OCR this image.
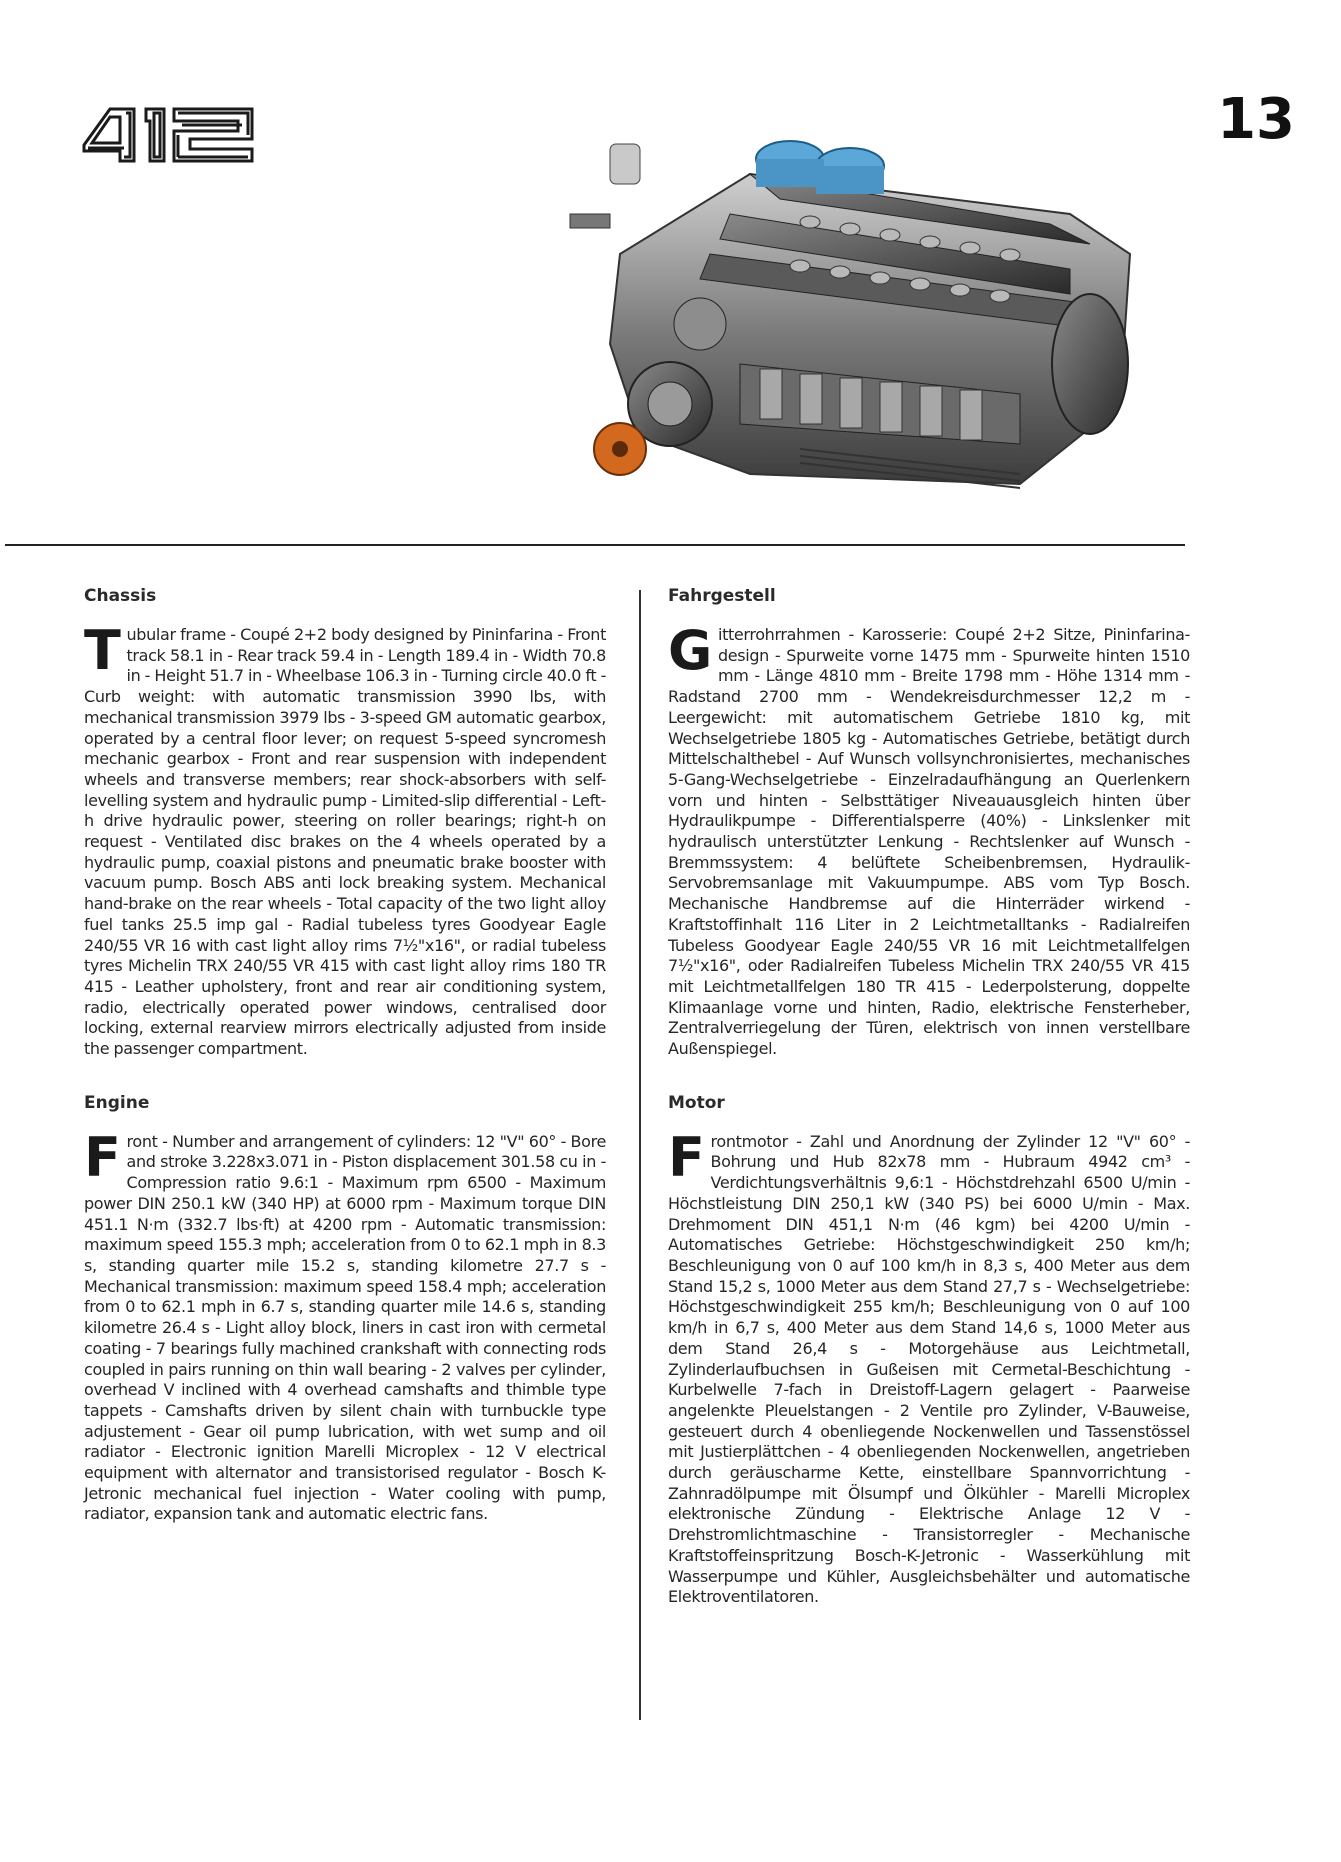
13
Chassis

Tubular frame - Coupé 2+2 body designed by Pininfarina - Front track 58.1 in - Rear track 59.4 in - Length 189.4 in - Width 70.8 in - Height 51.7 in - Wheelbase 106.3 in - Turning circle 40.0 ft - Curb weight: with automatic transmission 3990 lbs, with mechanical transmission 3979 lbs - 3-speed GM automatic gearbox, operated by a central floor lever; on request 5-speed syncromesh mechanic gearbox - Front and rear suspension with independent wheels and transverse members; rear shock-absorbers with self-levelling system and hydraulic pump - Limited-slip differential - Left-h drive hydraulic power, steering on roller bearings; right-h on request - Ventilated disc brakes on the 4 wheels operated by a hydraulic pump, coaxial pistons and pneumatic brake booster with vacuum pump. Bosch ABS anti lock breaking system. Mechanical hand-brake on the rear wheels - Total capacity of the two light alloy fuel tanks 25.5 imp gal - Radial tubeless tyres Goodyear Eagle 240/55 VR 16 with cast light alloy rims 7½"x16", or radial tubeless tyres Michelin TRX 240/55 VR 415 with cast light alloy rims 180 TR 415 - Leather upholstery, front and rear air conditioning system, radio, electrically operated power windows, centralised door locking, external rearview mirrors electrically adjusted from inside the passenger compartment.

Engine

Front - Number and arrangement of cylinders: 12 "V" 60° - Bore and stroke 3.228x3.071 in - Piston displacement 301.58 cu in - Compression ratio 9.6:1 - Maximum rpm 6500 - Maximum power DIN 250.1 kW (340 HP) at 6000 rpm - Maximum torque DIN 451.1 N·m (332.7 lbs·ft) at 4200 rpm - Automatic transmission: maximum speed 155.3 mph; acceleration from 0 to 62.1 mph in 8.3 s, standing quarter mile 15.2 s, standing kilometre 27.7 s - Mechanical transmission: maximum speed 158.4 mph; acceleration from 0 to 62.1 mph in 6.7 s, standing quarter mile 14.6 s, standing kilometre 26.4 s - Light alloy block, liners in cast iron with cermetal coating - 7 bearings fully machined crankshaft with connecting rods coupled in pairs running on thin wall bearing - 2 valves per cylinder, overhead V inclined with 4 overhead camshafts and thimble type tappets - Camshafts driven by silent chain with turnbuckle type adjustement - Gear oil pump lubrication, with wet sump and oil radiator - Electronic ignition Marelli Microplex - 12 V electrical equipment with alternator and transistorised regulator - Bosch K-Jetronic mechanical fuel injection - Water cooling with pump, radiator, expansion tank and automatic electric fans.

Fahrgestell

Gitterrohrrahmen - Karosserie: Coupé 2+2 Sitze, Pininfarina-design - Spurweite vorne 1475 mm - Spurweite hinten 1510 mm - Länge 4810 mm - Breite 1798 mm - Höhe 1314 mm - Radstand 2700 mm - Wendekreisdurchmesser 12,2 m - Leergewicht: mit automatischem Getriebe 1810 kg, mit Wechselgetriebe 1805 kg - Automatisches Getriebe, betätigt durch Mittelschalthebel - Auf Wunsch vollsynchronisiertes, mechanisches 5-Gang-Wechselgetriebe - Einzelradaufhängung an Querlenkern vorn und hinten - Selbsttätiger Niveauausgleich hinten über Hydraulikpumpe - Differentialsperre (40%) - Linkslenker mit hydraulisch unterstützter Lenkung - Rechtslenker auf Wunsch - Bremmssystem: 4 belüftete Scheibenbremsen, Hydraulik-Servobremsanlage mit Vakuumpumpe. ABS vom Typ Bosch. Mechanische Handbremse auf die Hinterräder wirkend - Kraftstoffinhalt 116 Liter in 2 Leichtmetalltanks - Radialreifen Tubeless Goodyear Eagle 240/55 VR 16 mit Leichtmetallfelgen 7½"x16", oder Radialreifen Tubeless Michelin TRX 240/55 VR 415 mit Leichtmetallfelgen 180 TR 415 - Lederpolsterung, doppelte Klimaanlage vorne und hinten, Radio, elektrische Fensterheber, Zentralverriegelung der Türen, elektrisch von innen verstellbare Außenspiegel.

Motor

Frontmotor - Zahl und Anordnung der Zylinder 12 "V" 60° - Bohrung und Hub 82x78 mm - Hubraum 4942 cm³ - Verdichtungsverhältnis 9,6:1 - Höchstdrehzahl 6500 U/min - Höchstleistung DIN 250,1 kW (340 PS) bei 6000 U/min - Max. Drehmoment DIN 451,1 N·m (46 kgm) bei 4200 U/min - Automatisches Getriebe: Höchstgeschwindigkeit 250 km/h; Beschleunigung von 0 auf 100 km/h in 8,3 s, 400 Meter aus dem Stand 15,2 s, 1000 Meter aus dem Stand 27,7 s - Wechselgetriebe: Höchstgeschwindigkeit 255 km/h; Beschleunigung von 0 auf 100 km/h in 6,7 s, 400 Meter aus dem Stand 14,6 s, 1000 Meter aus dem Stand 26,4 s - Motorgehäuse aus Leichtmetall, Zylinderlaufbuchsen in Gußeisen mit Cermetal-Beschichtung - Kurbelwelle 7-fach in Dreistoff-Lagern gelagert - Paarweise angelenkte Pleuelstangen - 2 Ventile pro Zylinder, V-Bauweise, gesteuert durch 4 obenliegende Nockenwellen und Tassenstössel mit Justierplättchen - 4 obenliegenden Nockenwellen, angetrieben durch geräuscharme Kette, einstellbare Spannvorrichtung - Zahnradölpumpe mit Ölsumpf und Ölkühler - Marelli Microplex elektronische Zündung - Elektrische Anlage 12 V - Drehstromlichtmaschine - Transistorregler - Mechanische Kraftstoffeinspritzung Bosch-K-Jetronic - Wasserkühlung mit Wasserpumpe und Kühler, Ausgleichsbehälter und automatische Elektroventilatoren.
